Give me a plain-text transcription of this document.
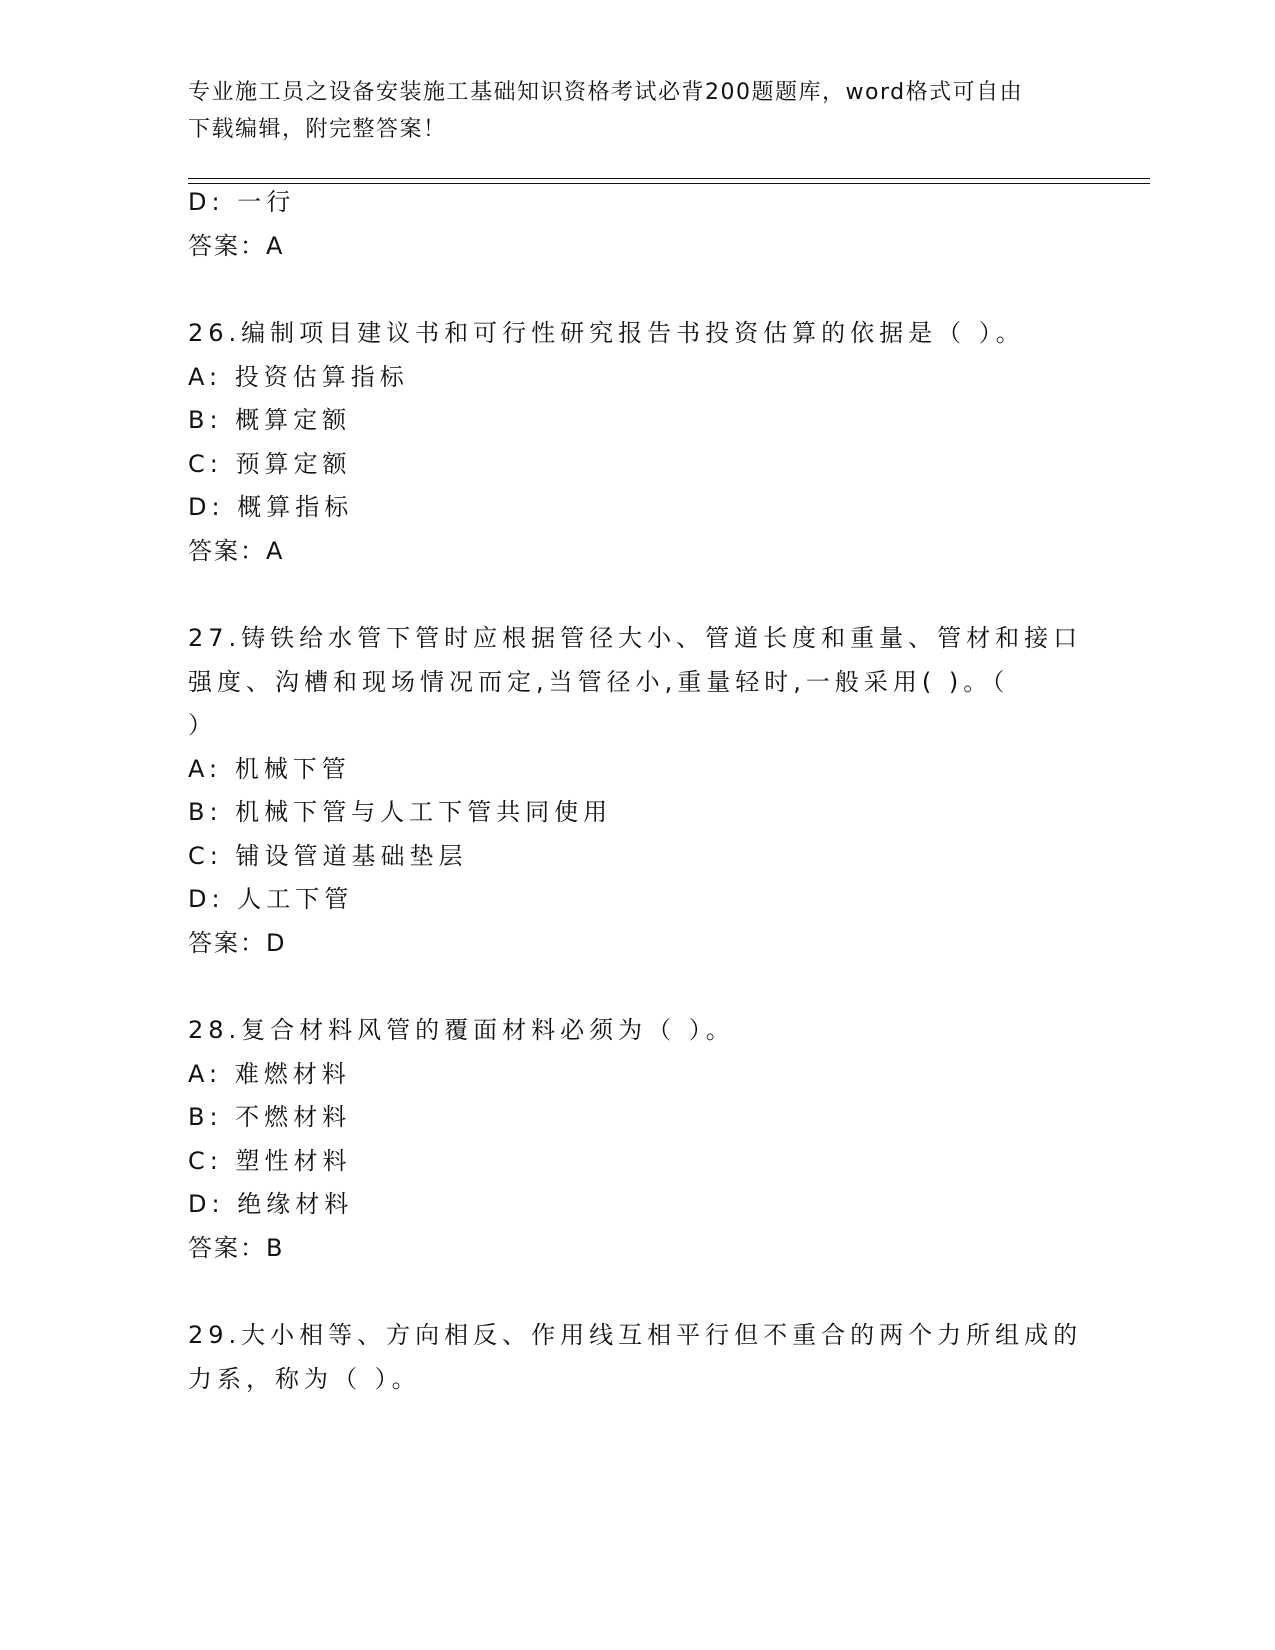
专业施工员之设备安装施工基础知识资格考试必背200题题库，word格式可自由
下载编辑，附完整答案！
D: 一行
答案：A
26.编制项目建议书和可行性研究报告书投资估算的依据是（ ）。
A: 投资估算指标
B: 概算定额
C: 预算定额
D: 概算指标
答案：A
27.铸铁给水管下管时应根据管径大小、管道长度和重量、管材和接口
强度、沟槽和现场情况而定,当管径小,重量轻时,一般采用( )。（
）
A: 机械下管
B: 机械下管与人工下管共同使用
C: 铺设管道基础垫层
D: 人工下管
答案：D
28.复合材料风管的覆面材料必须为（ ）。
A: 难燃材料
B: 不燃材料
C: 塑性材料
D: 绝缘材料
答案：B
29.大小相等、方向相反、作用线互相平行但不重合的两个力所组成的
力系，称为（ ）。
